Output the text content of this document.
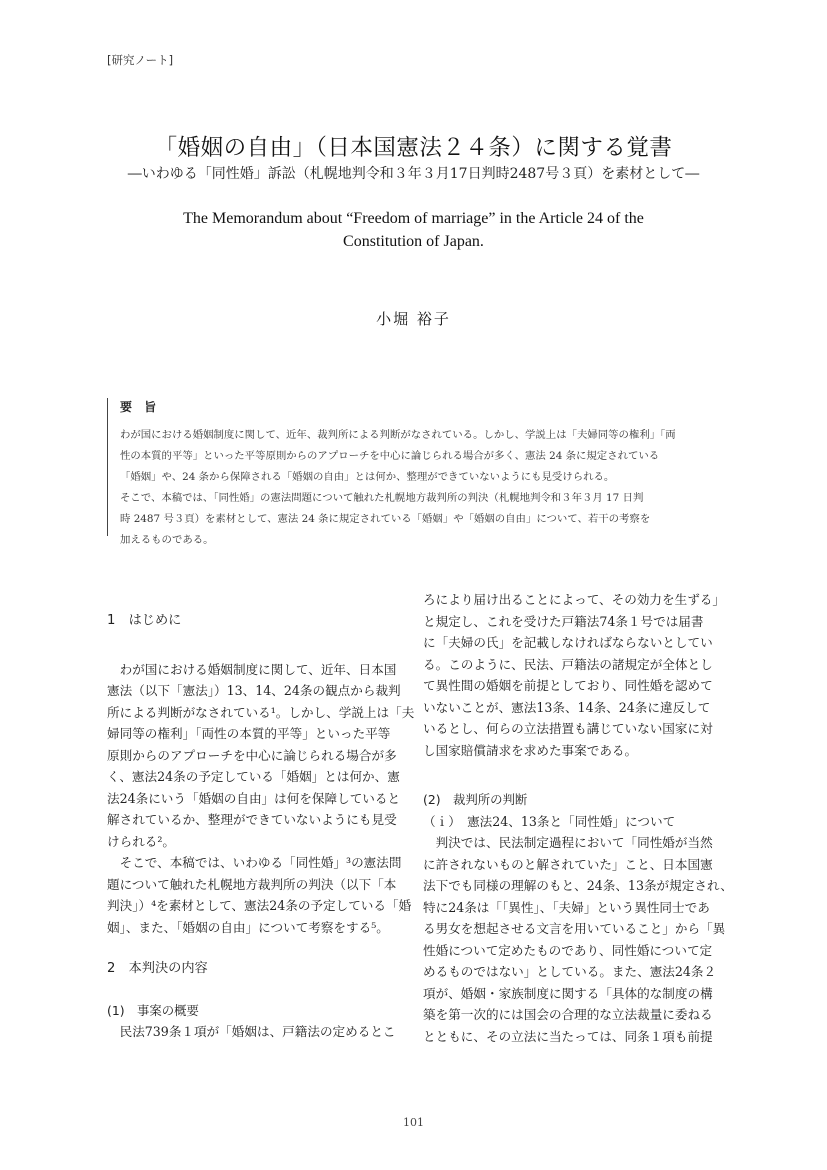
[研究ノート]
「婚姻の自由」（日本国憲法２４条）に関する覚書
―いわゆる「同性婚」訴訟（札幌地判令和３年３月17日判時2487号３頁）を素材として―
The Memorandum about “Freedom of marriage” in the Article 24 of the
Constitution of Japan.
小堀 裕子
要 旨

わが国における婚姻制度に関して、近年、裁判所による判断がなされている。しかし、学説上は「夫婦同等の権利」「両

性の本質的平等」といった平等原則からのアプローチを中心に論じられる場合が多く、憲法 24 条に規定されている

「婚姻」や、24 条から保障される「婚姻の自由」とは何か、整理ができていないようにも見受けられる。

そこで、本稿では、「同性婚」の憲法問題について触れた札幌地方裁判所の判決（札幌地判令和３年３月 17 日判

時 2487 号３頁）を素材として、憲法 24 条に規定されている「婚姻」や「婚姻の自由」について、若干の考察を

加えるものである。

1　はじめに

わが国における婚姻制度に関して、近年、日本国

憲法（以下「憲法」）13、14、24条の観点から裁判

所による判断がなされている¹。しかし、学説上は「夫

婦同等の権利」「両性の本質的平等」といった平等

原則からのアプローチを中心に論じられる場合が多

く、憲法24条の予定している「婚姻」とは何か、憲

法24条にいう「婚姻の自由」は何を保障していると

解されているか、整理ができていないようにも見受

けられる²。

そこで、本稿では、いわゆる「同性婚」³の憲法問

題について触れた札幌地方裁判所の判決（以下「本

判決」）⁴を素材として、憲法24条の予定している「婚

姻」、また、「婚姻の自由」について考察をする⁵。

2　本判決の内容

(1)　事案の概要

民法739条１項が「婚姻は、戸籍法の定めるとこ

ろにより届け出ることによって、その効力を生ずる」

と規定し、これを受けた戸籍法74条１号では届書

に「夫婦の氏」を記載しなければならないとしてい

る。このように、民法、戸籍法の諸規定が全体とし

て異性間の婚姻を前提としており、同性婚を認めて

いないことが、憲法13条、14条、24条に違反して

いるとし、何らの立法措置も講じていない国家に対

し国家賠償請求を求めた事案である。

(2)　裁判所の判断

（ｉ）　憲法24、13条と「同性婚」について

判決では、民法制定過程において「同性婚が当然

に許されないものと解されていた」こと、日本国憲

法下でも同様の理解のもと、24条、13条が規定され、

特に24条は「「異性」、「夫婦」という異性同士であ

る男女を想起させる文言を用いていること」から「異

性婚について定めたものであり、同性婚について定

めるものではない」としている。また、憲法24条２

項が、婚姻・家族制度に関する「具体的な制度の構

築を第一次的には国会の合理的な立法裁量に委ねる

とともに、その立法に当たっては、同条１項も前提

101
